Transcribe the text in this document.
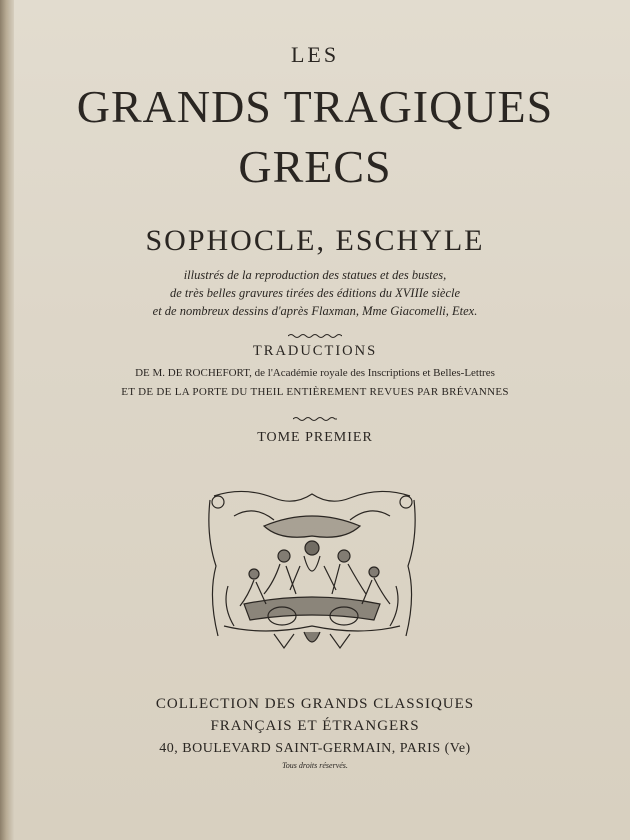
LES
GRANDS TRAGIQUES
GRECS
SOPHOCLE, ESCHYLE
illustrés de la reproduction des statues et des bustes,
de très belles gravures tirées des éditions du XVIIIe siècle
et de nombreux dessins d'après Flaxman, Mme Giacomelli, Etex.
TRADUCTIONS
DE M. DE ROCHEFORT, de l'Académie royale des Inscriptions et Belles-Lettres
ET DE DE LA PORTE DU THEIL ENTIÈREMENT REVUES PAR BRÉVANNES
TOME PREMIER
COLLECTION DES GRANDS CLASSIQUES
FRANÇAIS ET ÉTRANGERS
40, BOULEVARD SAINT-GERMAIN, PARIS (Ve)
Tous droits réservés.
